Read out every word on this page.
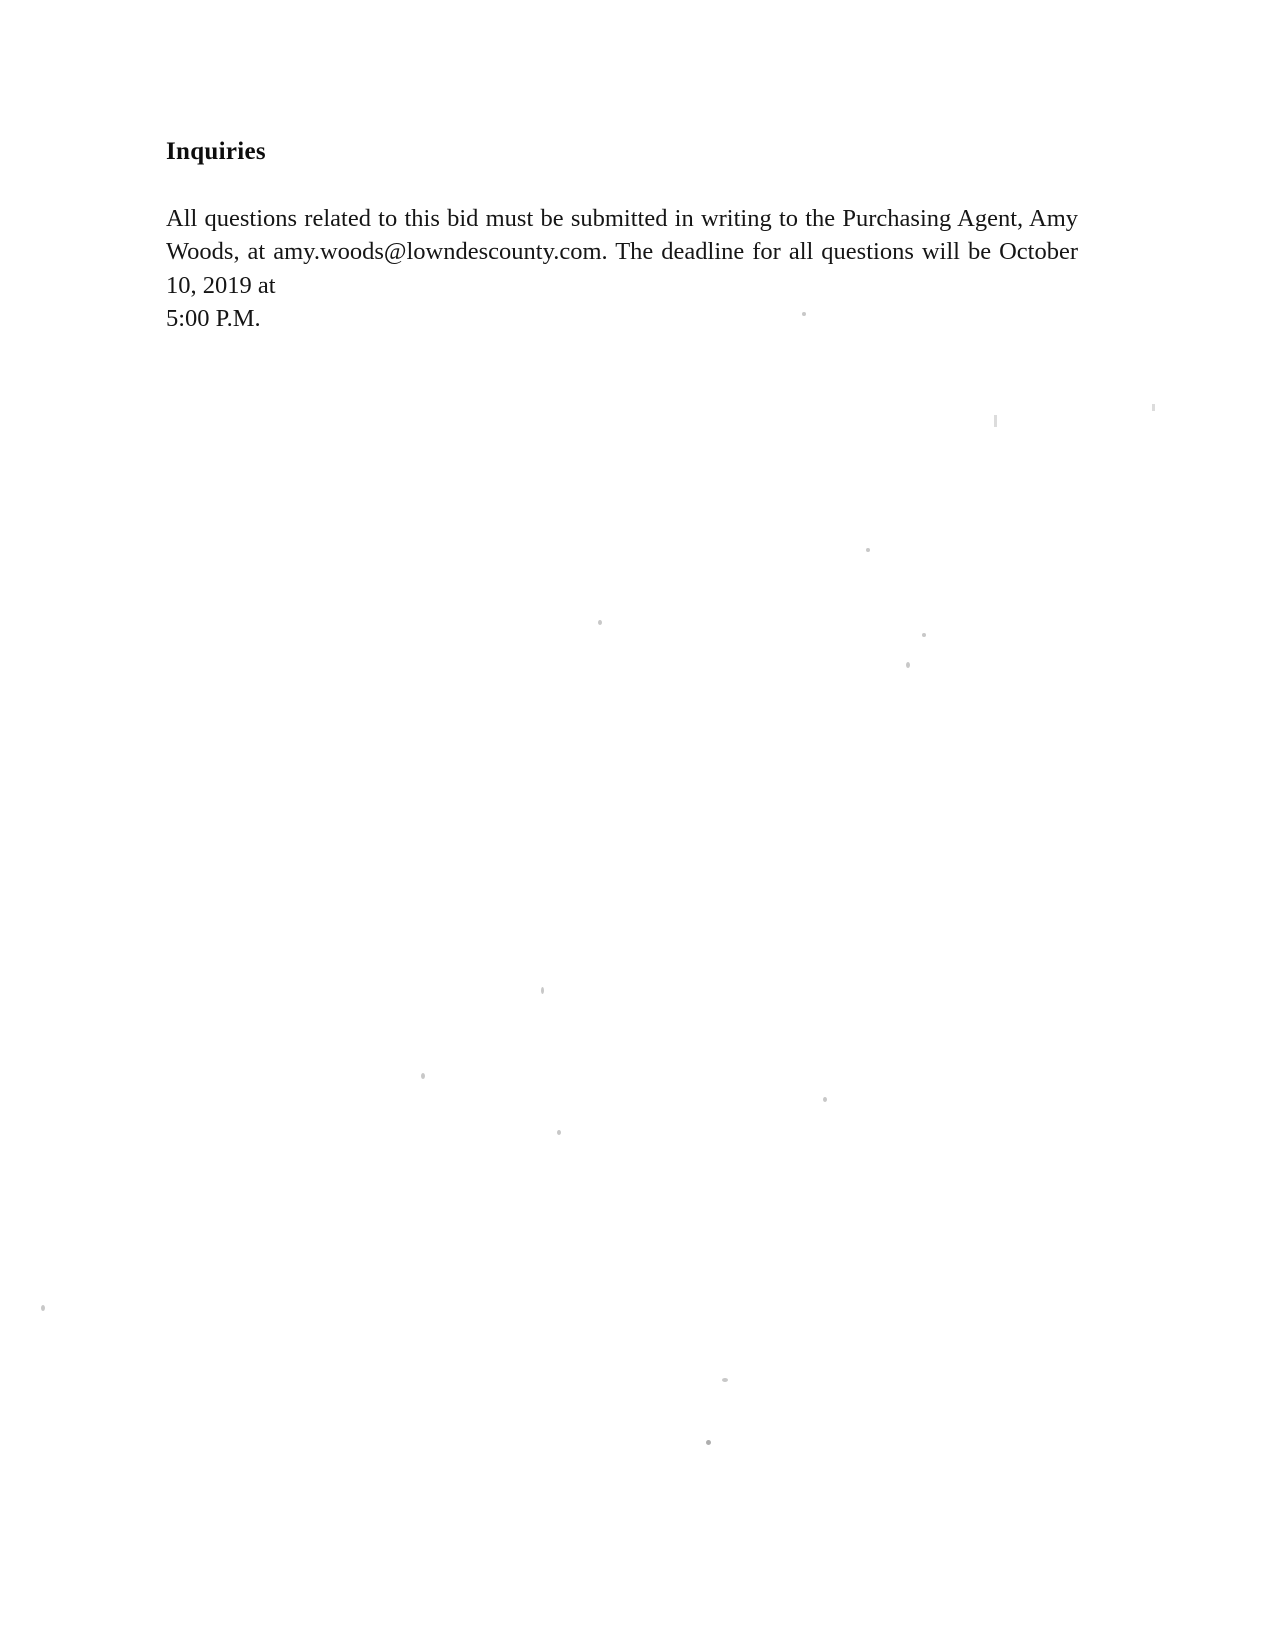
Inquiries

All questions related to this bid must be submitted in writing to the Purchasing Agent, Amy Woods, at amy.woods@lowndescounty.com. The deadline for all questions will be October 10, 2019 at
5:00 P.M.
